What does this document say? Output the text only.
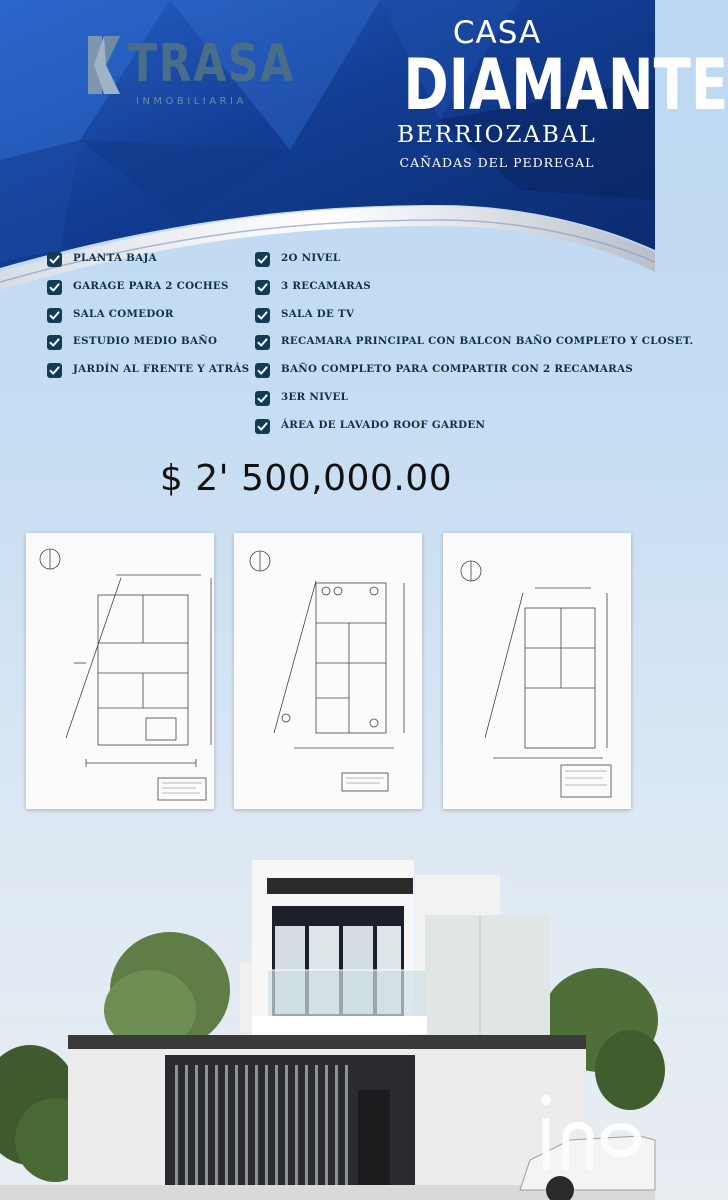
TRASA
INMOBILIARIA
CASA
DIAMANTE
BERRIOZABAL
CAÑADAS DEL PEDREGAL
PLANTA BAJA
GARAGE PARA 2 COCHES
SALA COMEDOR
ESTUDIO MEDIO BAÑO
JARDÍN AL FRENTE Y ATRÁS
2O NIVEL
3 RECAMARAS
SALA DE TV
RECAMARA PRINCIPAL CON BALCON BAÑO COMPLETO Y CLOSET.
BAÑO COMPLETO PARA COMPARTIR CON 2 RECAMARAS
3ER NIVEL
ÁREA DE LAVADO ROOF GARDEN
$ 2' 500,000.00
